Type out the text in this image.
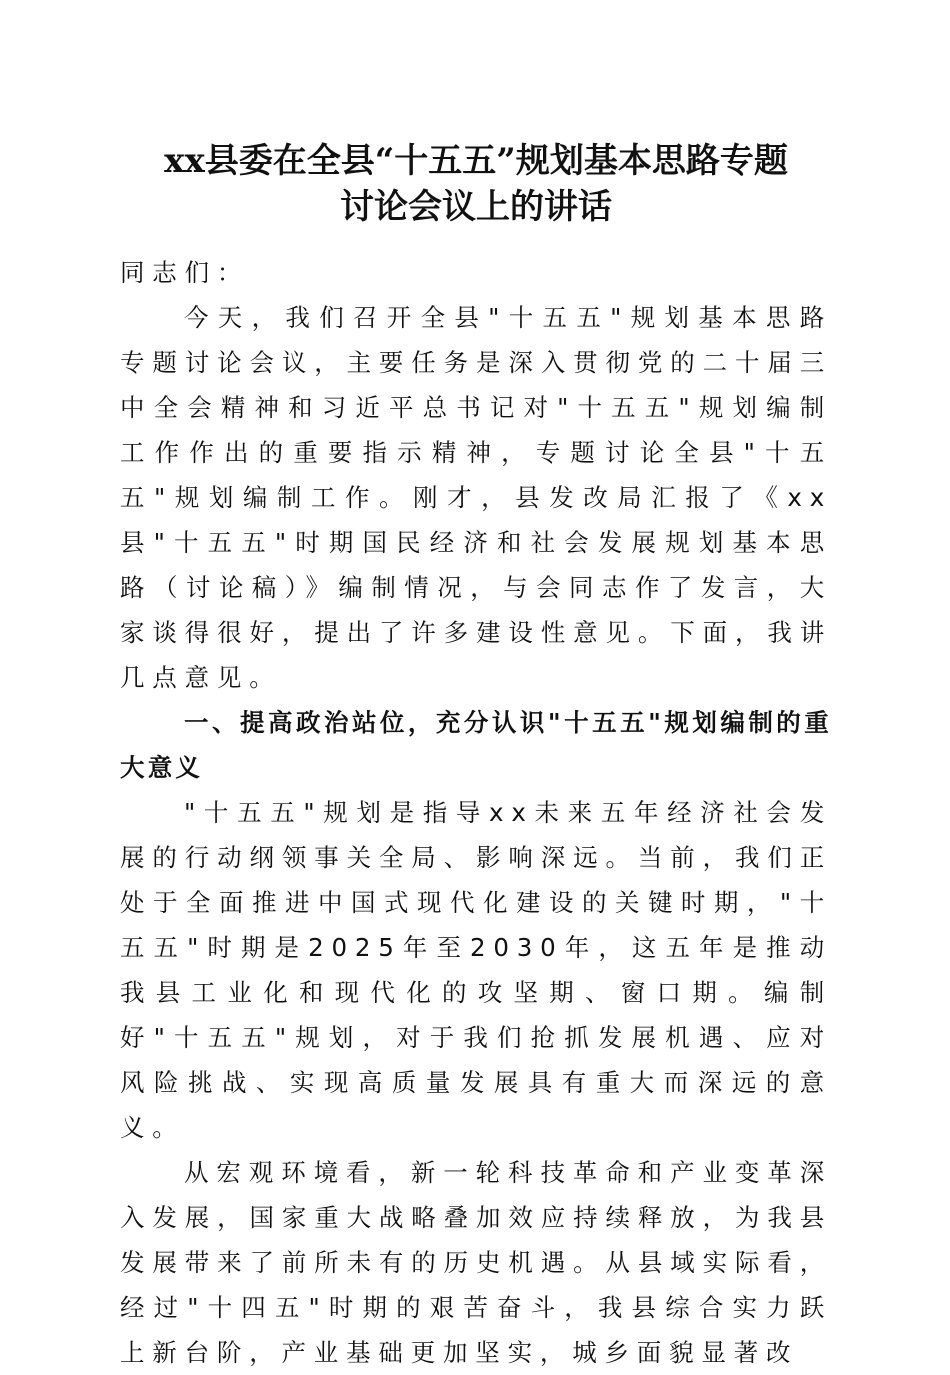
xx县委在全县“十五五”规划基本思路专题
讨论会议上的讲话

同志们：

今天，我们召开全县"十五五"规划基本思路专题讨论会议，主要任务是深入贯彻党的二十届三中全会精神和习近平总书记对"十五五"规划编制工作作出的重要指示精神，专题讨论全县"十五五"规划编制工作。刚才，县发改局汇报了《xx县"十五五"时期国民经济和社会发展规划基本思路（讨论稿）》编制情况，与会同志作了发言，大家谈得很好，提出了许多建设性意见。下面，我讲几点意见。

一、提高政治站位，充分认识"十五五"规划编制的重大意义

"十五五"规划是指导xx未来五年经济社会发展的行动纲领事关全局、影响深远。当前，我们正处于全面推进中国式现代化建设的关键时期，"十五五"时期是2025年至2030年，这五年是推动我县工业化和现代化的攻坚期、窗口期。编制好"十五五"规划，对于我们抢抓发展机遇、应对风险挑战、实现高质量发展具有重大而深远的意义。

从宏观环境看，新一轮科技革命和产业变革深入发展，国家重大战略叠加效应持续释放，为我县发展带来了前所未有的历史机遇。从县域实际看，经过"十四五"时期的艰苦奋斗，我县综合实力跃上新台阶，产业基础更加坚实，城乡面貌显著改
